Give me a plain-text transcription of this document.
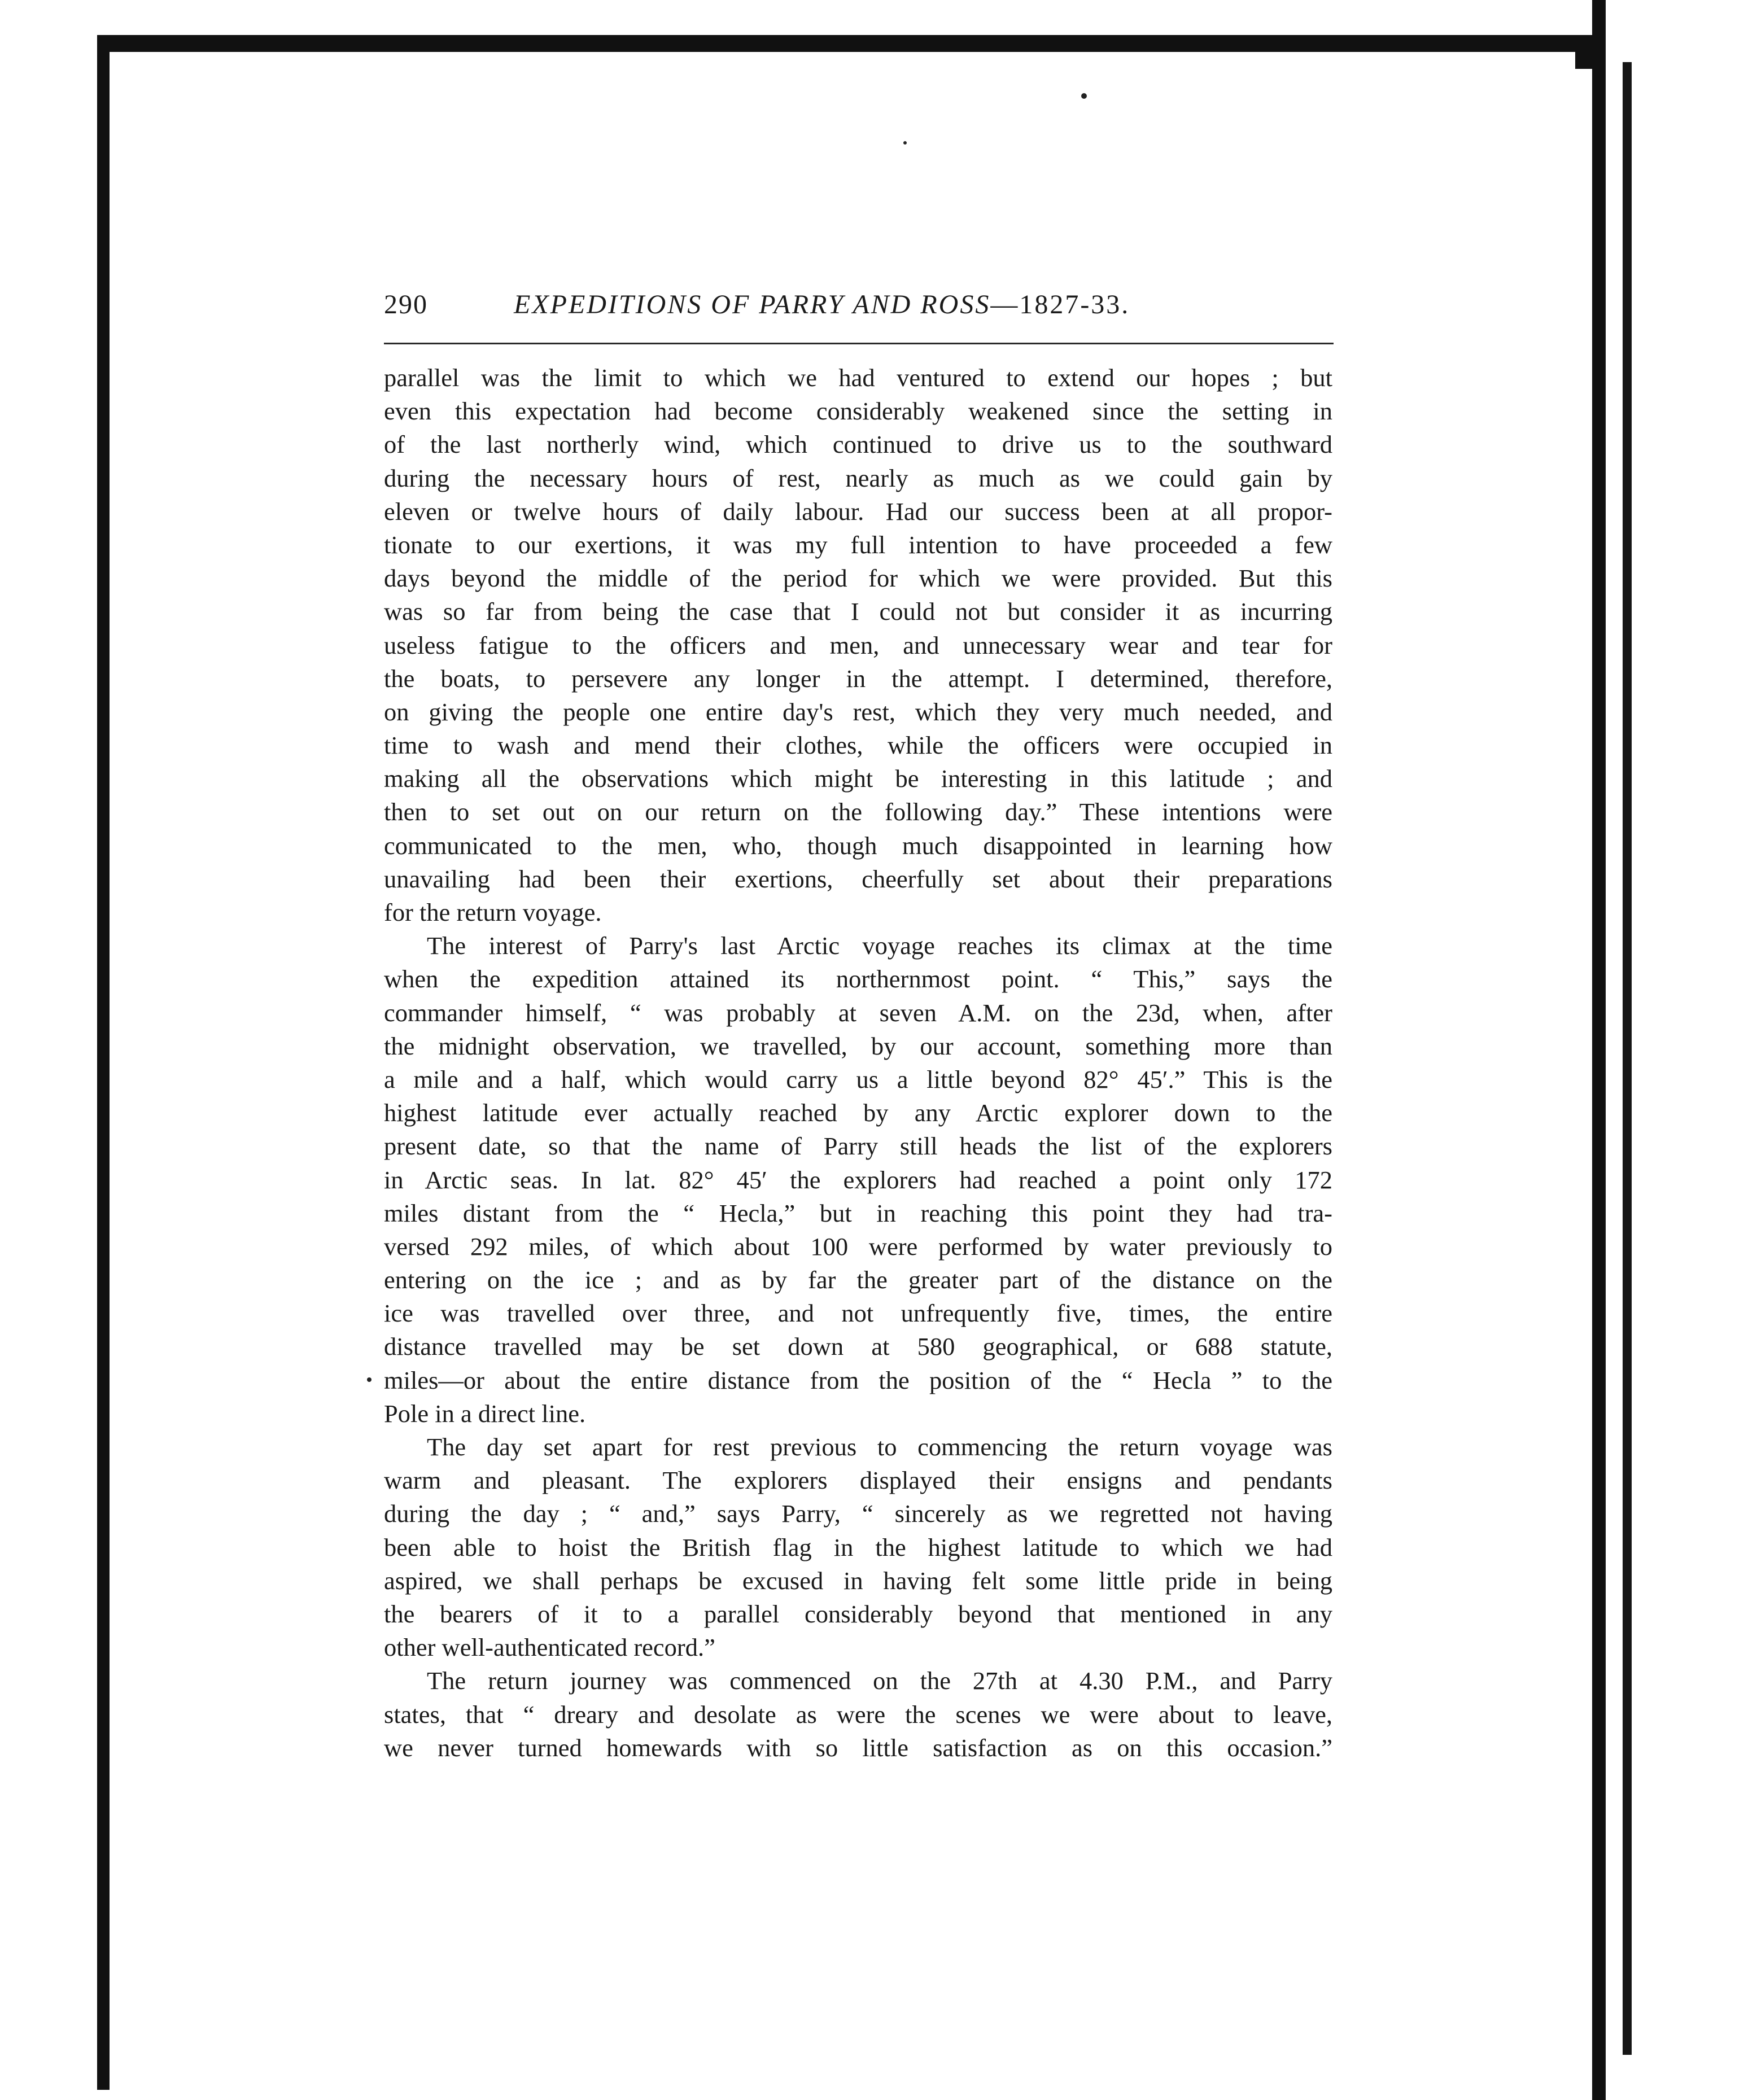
290	EXPEDITIONS OF PARRY AND ROSS—1827-33.
parallel was the limit to which we had ventured to extend our hopes ; but
even this expectation had become considerably weakened since the setting in
of the last northerly wind, which continued to drive us to the southward
during the necessary hours of rest, nearly as much as we could gain by
eleven or twelve hours of daily labour. Had our success been at all propor-
tionate to our exertions, it was my full intention to have proceeded a few
days beyond the middle of the period for which we were provided. But this
was so far from being the case that I could not but consider it as incurring
useless fatigue to the officers and men, and unnecessary wear and tear for
the boats, to persevere any longer in the attempt. I determined, therefore,
on giving the people one entire day's rest, which they very much needed, and
time to wash and mend their clothes, while the officers were occupied in
making all the observations which might be interesting in this latitude ; and
then to set out on our return on the following day.” These intentions were
communicated to the men, who, though much disappointed in learning how
unavailing had been their exertions, cheerfully set about their preparations
for the return voyage.
The interest of Parry's last Arctic voyage reaches its climax at the time
when the expedition attained its northernmost point. “ This,” says the
commander himself, “ was probably at seven A.M. on the 23d, when, after
the midnight observation, we travelled, by our account, something more than
a mile and a half, which would carry us a little beyond 82° 45′.” This is the
highest latitude ever actually reached by any Arctic explorer down to the
present date, so that the name of Parry still heads the list of the explorers
in Arctic seas. In lat. 82° 45′ the explorers had reached a point only 172
miles distant from the “ Hecla,” but in reaching this point they had tra-
versed 292 miles, of which about 100 were performed by water previously to
entering on the ice ; and as by far the greater part of the distance on the
ice was travelled over three, and not unfrequently five, times, the entire
distance travelled may be set down at 580 geographical, or 688 statute,
miles—or about the entire distance from the position of the “ Hecla ” to the
Pole in a direct line.
The day set apart for rest previous to commencing the return voyage was
warm and pleasant. The explorers displayed their ensigns and pendants
during the day ; “ and,” says Parry, “ sincerely as we regretted not having
been able to hoist the British flag in the highest latitude to which we had
aspired, we shall perhaps be excused in having felt some little pride in being
the bearers of it to a parallel considerably beyond that mentioned in any
other well-authenticated record.”
The return journey was commenced on the 27th at 4.30 P.M., and Parry
states, that “ dreary and desolate as were the scenes we were about to leave,
we never turned homewards with so little satisfaction as on this occasion.”
